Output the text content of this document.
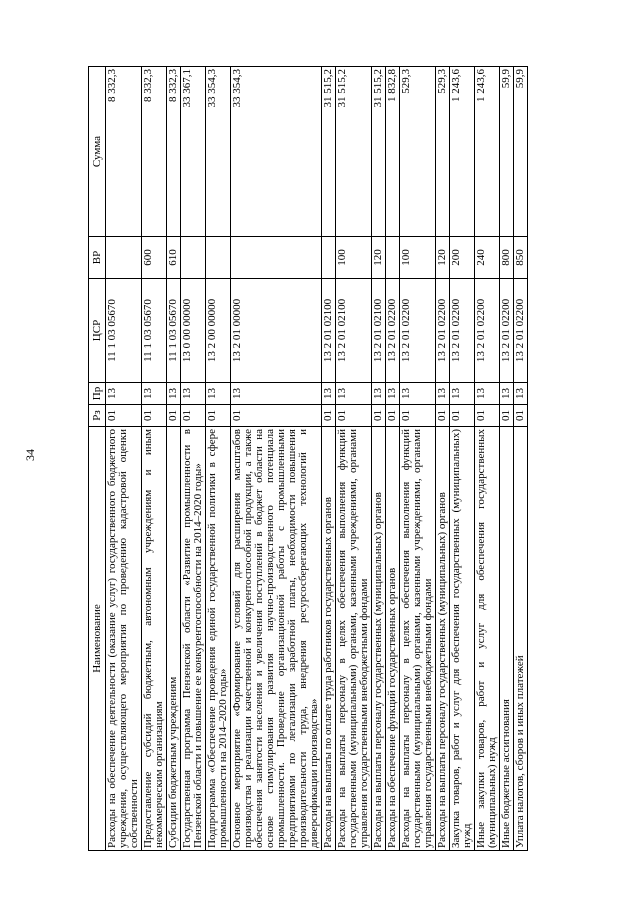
34
Наименование	Рз	Пр	ЦСР	ВР	Сумма
Расходы на обеспечение деятельности (оказание услуг) государственного бюджетного учреждения, осуществляющего мероприятия по проведению кадастровой оценки собственности	01	13	11 1 03 05670		8 332,3
Предоставление субсидий бюджетным, автономным учреждениям и иным некоммерческим организациям	01	13	11 1 03 05670	600	8 332,3
Субсидии бюджетным учреждениям	01	13	11 1 03 05670	610	8 332,3
Государственная программа Пензенской области «Развитие промышленности в Пензенской области и повышение ее конкурентоспособности на 2014–2020 годы»	01	13	13 0 00 00000		33 367,1
Подпрограмма «Обеспечение проведения единой государственной политики в сфере промышленности на 2014–2020 годы»	01	13	13 2 00 00000		33 354,3
Основное мероприятие «Формирование условий для расширения масштабов производства и реализации качественной и конкурентоспособной продукции, а также обеспечения занятости населения и увеличения поступлений в бюджет области на основе стимулирования развития научно-производственного потенциала промышленности. Проведение организационной работы с промышленными предприятиями по легализации заработной платы, необходимости повышения производительности труда, внедрения ресурсосберегающих технологий и диверсификации производства»	01	13	13 2 01 00000		33 354,3
Расходы на выплаты по оплате труда работников государственных органов	01	13	13 2 01 02100		31 515,2
Расходы на выплаты персоналу в целях обеспечения выполнения функций государственными (муниципальными) органами, казенными учреждениями, органами управления государственными внебюджетными фондами	01	13	13 2 01 02100	100	31 515,2
Расходы на выплаты персоналу государственных (муниципальных) органов	01	13	13 2 01 02100	120	31 515,2
Расходы на обеспечение функций государственных органов	01	13	13 2 01 02200		1 832,8
Расходы на выплаты персоналу в целях обеспечения выполнения функций государственными (муниципальными) органами, казенными учреждениями, органами управления государственными внебюджетными фондами	01	13	13 2 01 02200	100	529,3
Расходы на выплаты персоналу государственных (муниципальных) органов	01	13	13 2 01 02200	120	529,3
Закупка товаров, работ и услуг для обеспечения государственных (муниципальных) нужд	01	13	13 2 01 02200	200	1 243,6
Иные закупки товаров, работ и услуг для обеспечения государственных (муниципальных) нужд	01	13	13 2 01 02200	240	1 243,6
Иные бюджетные ассигнования	01	13	13 2 01 02200	800	59,9
Уплата налогов, сборов и иных платежей	01	13	13 2 01 02200	850	59,9
